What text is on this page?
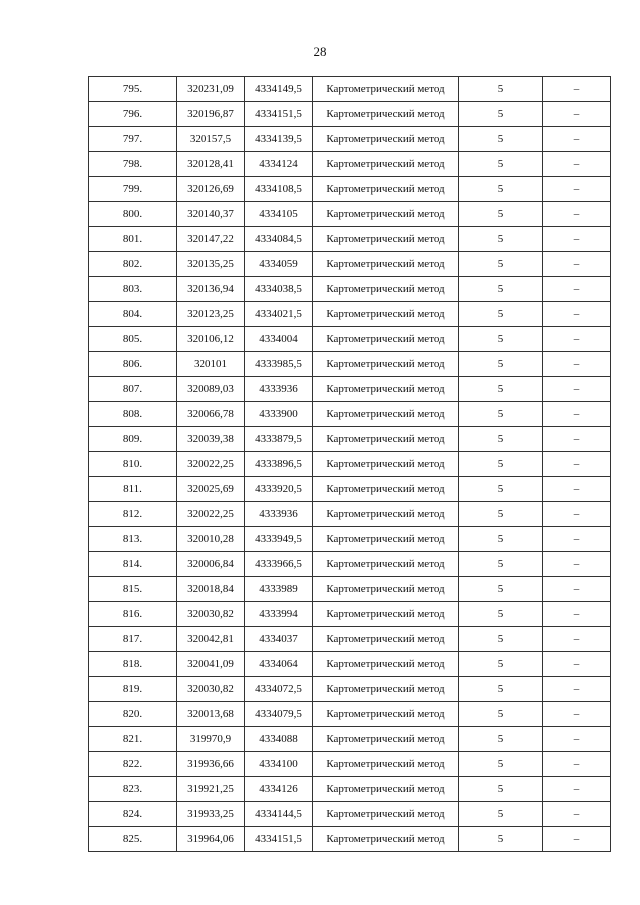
28
795.	320231,09	4334149,5	Картометрический метод	5	–
796.	320196,87	4334151,5	Картометрический метод	5	–
797.	320157,5	4334139,5	Картометрический метод	5	–
798.	320128,41	4334124	Картометрический метод	5	–
799.	320126,69	4334108,5	Картометрический метод	5	–
800.	320140,37	4334105	Картометрический метод	5	–
801.	320147,22	4334084,5	Картометрический метод	5	–
802.	320135,25	4334059	Картометрический метод	5	–
803.	320136,94	4334038,5	Картометрический метод	5	–
804.	320123,25	4334021,5	Картометрический метод	5	–
805.	320106,12	4334004	Картометрический метод	5	–
806.	320101	4333985,5	Картометрический метод	5	–
807.	320089,03	4333936	Картометрический метод	5	–
808.	320066,78	4333900	Картометрический метод	5	–
809.	320039,38	4333879,5	Картометрический метод	5	–
810.	320022,25	4333896,5	Картометрический метод	5	–
811.	320025,69	4333920,5	Картометрический метод	5	–
812.	320022,25	4333936	Картометрический метод	5	–
813.	320010,28	4333949,5	Картометрический метод	5	–
814.	320006,84	4333966,5	Картометрический метод	5	–
815.	320018,84	4333989	Картометрический метод	5	–
816.	320030,82	4333994	Картометрический метод	5	–
817.	320042,81	4334037	Картометрический метод	5	–
818.	320041,09	4334064	Картометрический метод	5	–
819.	320030,82	4334072,5	Картометрический метод	5	–
820.	320013,68	4334079,5	Картометрический метод	5	–
821.	319970,9	4334088	Картометрический метод	5	–
822.	319936,66	4334100	Картометрический метод	5	–
823.	319921,25	4334126	Картометрический метод	5	–
824.	319933,25	4334144,5	Картометрический метод	5	–
825.	319964,06	4334151,5	Картометрический метод	5	–
